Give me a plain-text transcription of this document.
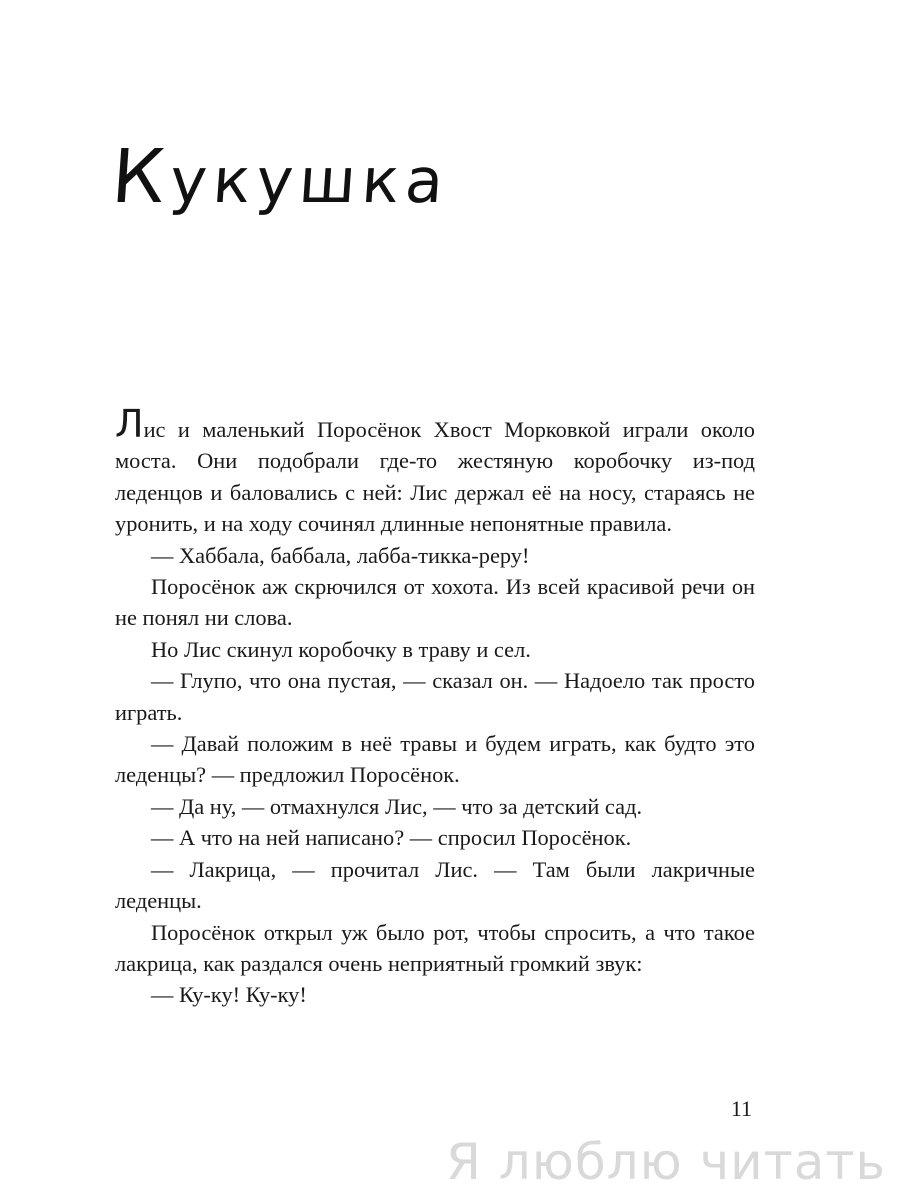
Кукушка

Лис и маленький Поросёнок Хвост Морковкой играли около моста. Они подобрали где-то жестяную коробочку из-под леденцов и баловались с ней: Лис держал её на носу, стараясь не уронить, и на ходу сочинял длинные непонятные правила.

— Хаббала, баббала, лабба-тикка-реру!

Поросёнок аж скрючился от хохота. Из всей красивой речи он не понял ни слова.

Но Лис скинул коробочку в траву и сел.

— Глупо, что она пустая, — сказал он. — Надоело так просто играть.

— Давай положим в неё травы и будем играть, как будто это леденцы? — предложил Поросёнок.

— Да ну, — отмахнулся Лис, — что за детский сад.

— А что на ней написано? — спросил Поросёнок.

— Лакрица, — прочитал Лис. — Там были лакричные леденцы.

Поросёнок открыл уж было рот, чтобы спросить, а что такое лакрица, как раздался очень неприятный громкий звук:

— Ку-ку! Ку-ку!

11
Я люблю читать
